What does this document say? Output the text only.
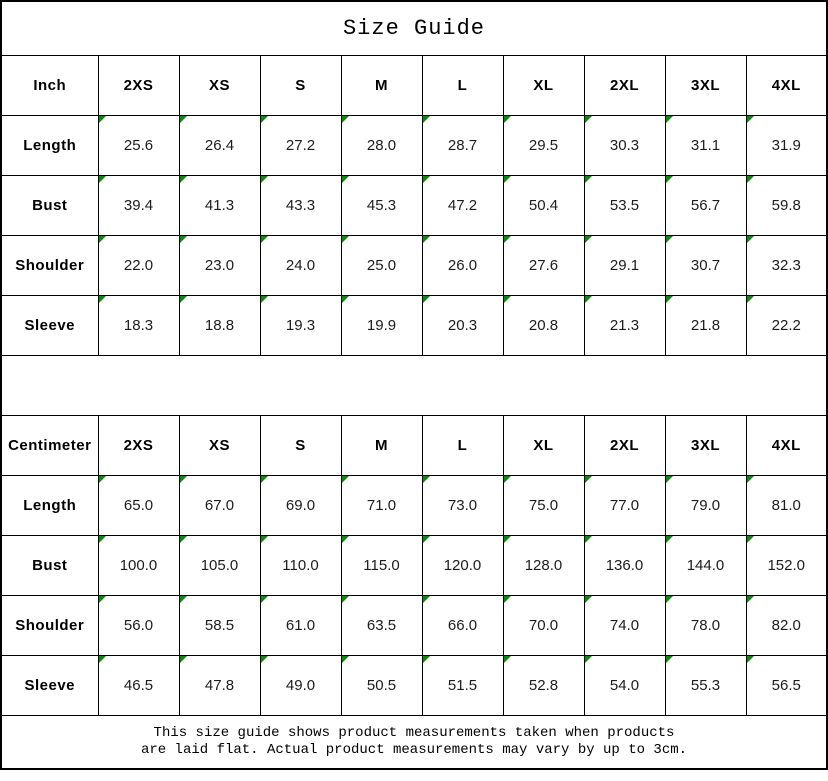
Size Guide									
Inch	2XS	XS	S	M	L	XL	2XL	3XL	4XL
Length	25.6	26.4	27.2	28.0	28.7	29.5	30.3	31.1	31.9

Bust	39.4	41.3	43.3	45.3	47.2	50.4	53.5	56.7	59.8

Shoulder	22.0	23.0	24.0	25.0	26.0	27.6	29.1	30.7	32.3

Sleeve	18.3	18.8	19.3	19.9	20.3	20.8	21.3	21.8	22.2

Centimeter	2XS	XS	S	M	L	XL	2XL	3XL	4XL
Length	65.0	67.0	69.0	71.0	73.0	75.0	77.0	79.0	81.0

Bust	100.0	105.0	110.0	115.0	120.0	128.0	136.0	144.0	152.0

Shoulder	56.0	58.5	61.0	63.5	66.0	70.0	74.0	78.0	82.0

Sleeve	46.5	47.8	49.0	50.5	51.5	52.8	54.0	55.3	56.5

This size guide shows product measurements taken when products
are laid flat. Actual product measurements may vary by up to 3cm.									
